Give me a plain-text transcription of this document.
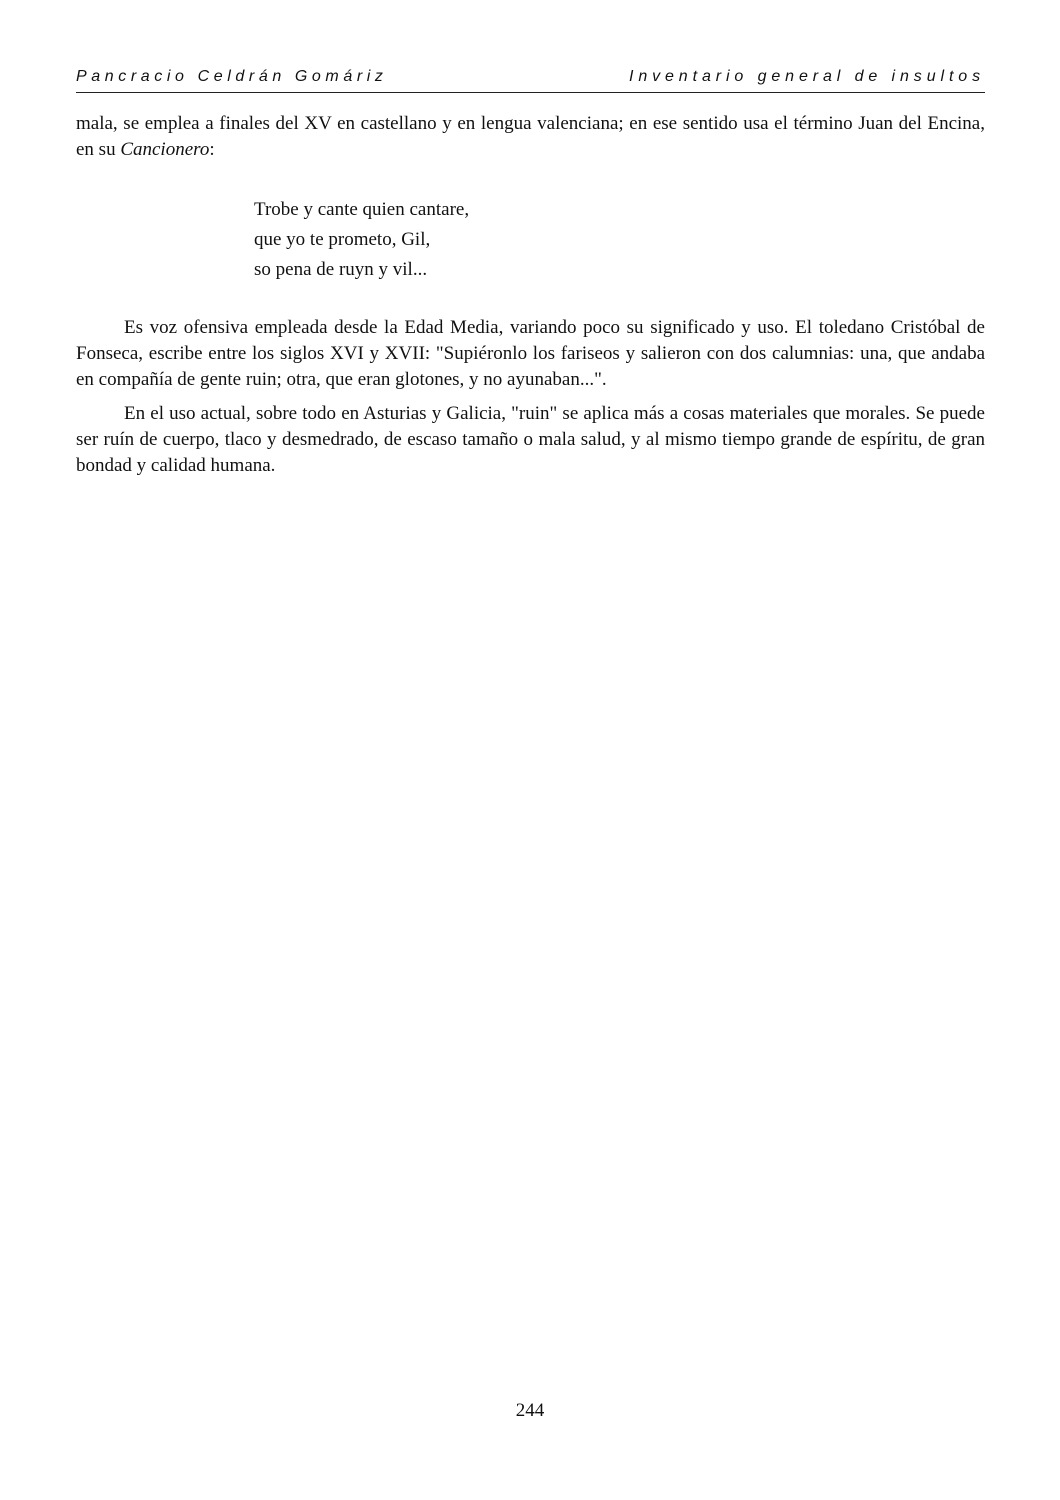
Pancracio Celdrán Gomáriz	Inventario general de insultos

mala, se emplea a finales del XV en castellano y en lengua valenciana; en ese sentido usa el término Juan del Encina, en su Cancionero:

Trobe y cante quien cantare,
que yo te prometo, Gil,
so pena de ruyn y vil...

Es voz ofensiva empleada desde la Edad Media, variando poco su significado y uso. El toledano Cristóbal de Fonseca, escribe entre los siglos XVI y XVII: "Supiéronlo los fariseos y salieron con dos calumnias: una, que andaba en compañía de gente ruin; otra, que eran glotones, y no ayunaban...".

En el uso actual, sobre todo en Asturias y Galicia, "ruin" se aplica más a cosas materiales que morales. Se puede ser ruín de cuerpo, tlaco y desmedrado, de escaso tamaño o mala salud, y al mismo tiempo grande de espíritu, de gran bondad y calidad humana.

244
